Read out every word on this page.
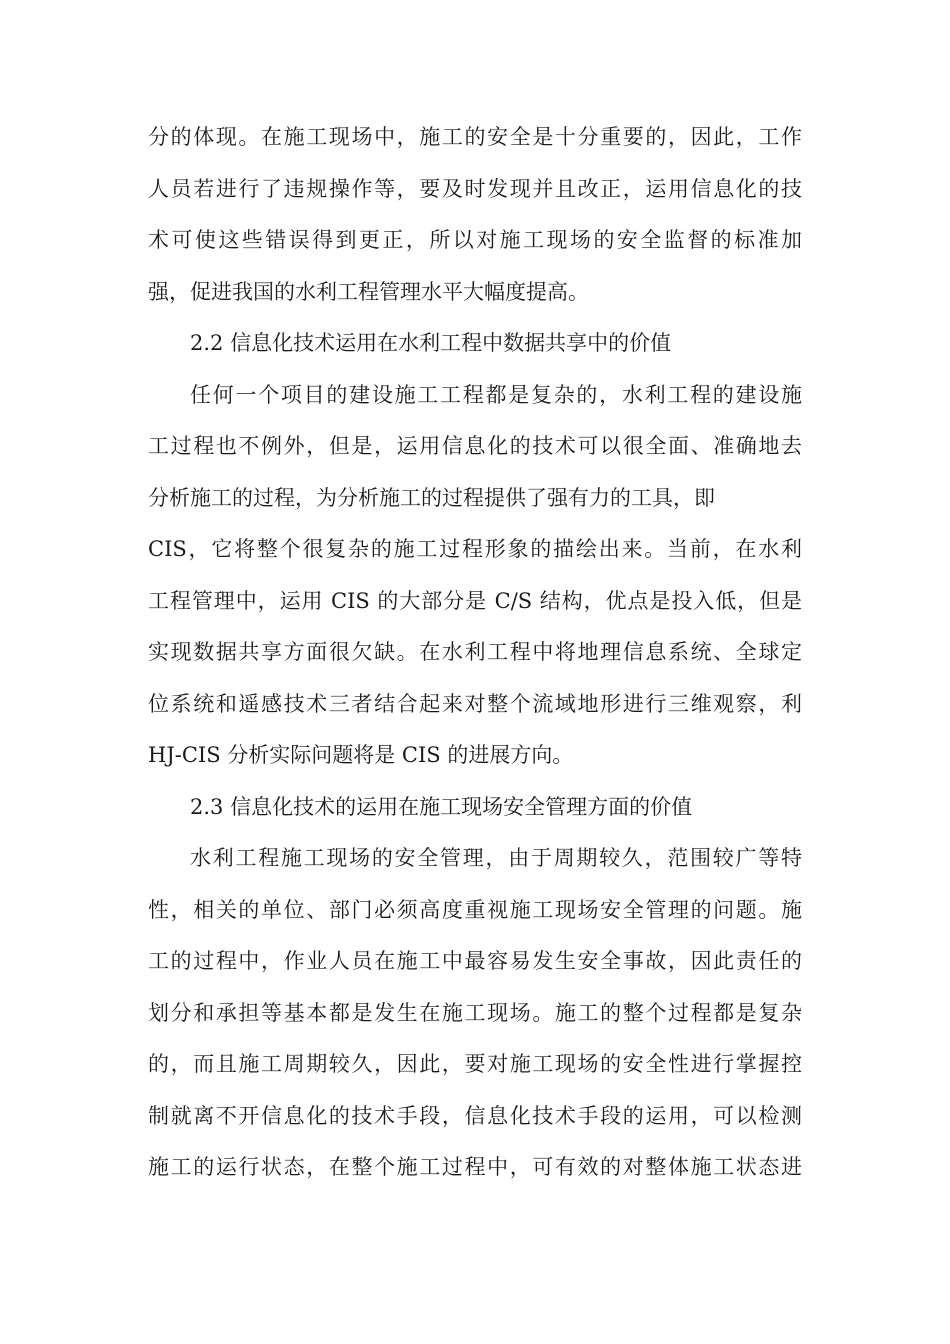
分的体现。在施工现场中，施工的安全是十分重要的，因此，工作
人员若进行了违规操作等，要及时发现并且改正，运用信息化的技
术可使这些错误得到更正，所以对施工现场的安全监督的标准加
强，促进我国的水利工程管理水平大幅度提高。
2.2 信息化技术运用在水利工程中数据共享中的价值
任何一个项目的建设施工工程都是复杂的，水利工程的建设施
工过程也不例外，但是，运用信息化的技术可以很全面、准确地去
分析施工的过程，为分析施工的过程提供了强有力的工具，即
CIS，它将整个很复杂的施工过程形象的描绘出来。当前，在水利
工程管理中，运用 CIS 的大部分是 C/S 结构，优点是投入低，但是
实现数据共享方面很欠缺。在水利工程中将地理信息系统、全球定
位系统和遥感技术三者结合起来对整个流域地形进行三维观察，利
HJ-CIS 分析实际问题将是 CIS 的进展方向。
2.3 信息化技术的运用在施工现场安全管理方面的价值
水利工程施工现场的安全管理，由于周期较久，范围较广等特
性，相关的单位、部门必须高度重视施工现场安全管理的问题。施
工的过程中，作业人员在施工中最容易发生安全事故，因此责任的
划分和承担等基本都是发生在施工现场。施工的整个过程都是复杂
的，而且施工周期较久，因此，要对施工现场的安全性进行掌握控
制就离不开信息化的技术手段，信息化技术手段的运用，可以检测
施工的运行状态，在整个施工过程中，可有效的对整体施工状态进
